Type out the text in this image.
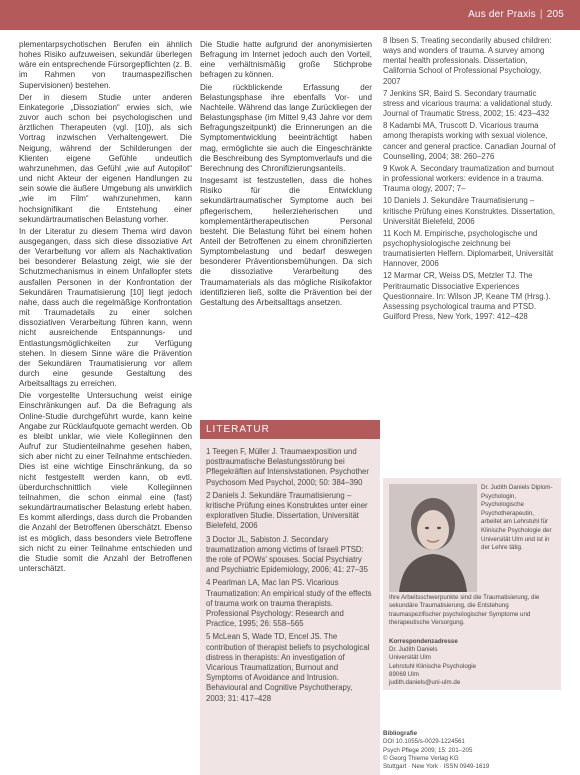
Aus der Praxis | 205

plementarpsychotischen Berufen ein ähnlich hohes Risiko aufzuweisen, sekundär überlegen wäre ein entsprechende Fürsorgepflichten (z. B. im Rahmen von traumaspezifischen Supervisionen) bestehen.

Der in diesem Studie unter anderen Einkategorie „Dissoziation“ erwies sich, wie zuvor auch schon bei psychologischen und ärztlichen Therapeuten (vgl. [10]), als sich Vortrag inzwischen Verhaltengewert. Die Neigung, während der Schilderungen der Klienten eigene Gefühle undeutlich wahrzunehmen, das Gefühl „wie auf Autopilot“ und nicht Akteur der eigenen Handlungen zu sein sowie die äußere Umgebung als unwirklich „wie im Film“ wahrzunehmen, kann hochsignifikant die Entstehung einer sekundärtraumatischen Belastung vorher.

In der Literatur zu diesem Thema wird davon ausgegangen, dass sich diese dissoziative Art der Verarbeitung vor allem als Nachaktivation bei besonderer Belastung zeigt, wie sie der Schutzmechanismus in einem Unfallopfer stets ausfallen Personen in der Konfrontation der Sekundären Traumatisierung [10] liegt jedoch nahe, dass auch die regelmäßige Konfrontation mit Traumadetails zu einer solchen dissoziativen Verarbeitung führen kann, wenn nicht ausreichende Entspannungs- und Entlastungsmöglichkeiten zur Verfügung stehen. In diesem Sinne wäre die Prävention der Sekundären Traumatisierung vor allem durch eine gesunde Gestaltung des Arbeitsalltags zu erreichen.

Die vorgestellte Untersuchung weist einige Einschränkungen auf. Da die Befragung als Online-Studie durchgeführt wurde, kann keine Angabe zur Rücklaufquote gemacht werden. Ob es bleibt unklar, wie viele Kollegiinnen den Aufruf zur Studienteilnahme gesehen haben, sich aber nicht zu einer Teilnahme entschieden. Dies ist eine wichtige Einschränkung, da so nicht festgestellt werden kann, ob evtl. überdurchschnittlich viele Kollegiinnen teilnahmen, die schon einmal eine (fast) sekundärtraumatischer Belastung erlebt haben. Es kommt allerdings, dass durch die Probanden die Anzahl der Betroffenen überschätzt. Ebenso ist es möglich, dass besonders viele Betroffene sich nicht zu einer Teilnahme entschieden und die Studie somit die Anzahl der Betroffenen unterschätzt.

Die Studie hatte aufgrund der anonymisierten Befragung im Internet jedoch auch den Vorteil, eine verhältnismäßig große Stichprobe befragen zu können.

Die rückblickende Erfassung der Belastungsphase ihre ebenfalls Vor- und Nachteile. Während das lange Zurückliegen der Belastungsphase (im Mittel 9,43 Jahre vor dem Befragungszeitpunkt) die Erinnerungen an die Symptomentwicklung beeinträchtigt haben mag, ermöglichte sie auch die Eingeschränkte die Beschreibung des Symptomverlaufs und die Berechnung des Chronifizierungsanteils.

Insgesamt ist festzustellen, dass die hohes Risiko für die Entwicklung sekundärtraumatischer Symptome auch bei pflegerischem, heilerzieherischen und komplementärtherapeutischen Personal besteht. Die Belastung führt bei einem hohen Anteil der Betroffenen zu einem chronifizierten Symptombelastung und bedarf deswegen besonderer Präventionsbemühungen. Da sich die dissoziative Verarbeitung des Traumamaterials als das mögliche Risikofaktor identifizieren ließ, sollte die Prävention bei der Gestaltung des Arbeitsalltags ansetzen.

8 Ibsen S. Treating secondarily abused children: ways and wonders of trauma. A survey among mental health professionals. Dissertation, California School of Professional Psychology, 2007
7 Jenkins SR, Baird S. Secondary traumatic stress and vicarious trauma: a validational study. Journal of Traumatic Stress, 2002; 15: 423–432
8 Kadambi MA, Truscott D. Vicarious trauma among therapists working with sexual violence, cancer and general practice. Canadian Journal of Counselling, 2004; 38: 260–276
9 Kwok A. Secondary traumatization and burnout in professional workers: evidence in a trauma. Trauma ology, 2007; 7–
10 Daniels J. Sekundäre Traumatisierung – kritische Prüfung eines Konstruktes. Dissertation, Universität Bielefeld, 2006
11 Koch M. Empirische, psychologische und psychophysiologische zeichnung bei traumatisierten Helfern. Diplomarbeit, Universität Hannover, 2006
12 Marmar CR, Weiss DS, Metzler TJ. The Peritraumatic Dissociative Experiences Questionnaire. In: Wilson JP, Keane TM (Hrsg.). Assessing psychological trauma and PTSD. Guilford Press, New York, 1997: 412–428
LITERATUR
1 Teegen F, Müller J. Traumaexposition und posttraumatische Belastungsstörung bei Pflegekräften auf Intensivstationen. Psychother Psychosom Med Psychol, 2000; 50: 384–390
2 Daniels J. Sekundäre Traumatisierung – kritische Prüfung eines Konstruktes unter einer explorativen Studie. Dissertation, Universität Bielefeld, 2006
3 Doctor JL, Sabiston J. Secondary traumatization among victims of Israeli PTSD: the role of POWs' spouses. Social Psychiatry and Psychiatric Epidemiology, 2006; 41: 27–35
4 Pearlman LA, Mac Ian PS. Vicarious Traumatization: An empirical study of the effects of trauma work on trauma therapists. Professional Psychology: Research and Practice, 1995; 26: 558–565
5 McLean S, Wade TD, Encel JS. The contribution of therapist beliefs to psychological distress in therapists: An investigation of Vicarious Traumatization, Burnout and Symptoms of Avoidance and Intrusion. Behavioural and Cognitive Psychotherapy, 2003; 31: 417–428
Dr. Judith Daniels Diplom-Psychologin, Psychologische Psychotherapeutin, arbeitet am Lehrstuhl für Klinische Psychologie der Universität Ulm und ist in der Lehre tätig.
Ihre Arbeitsschwerpunkte sind die Traumatisierung, die sekundäre Traumatisierung, die Entstehung traumaspezifischer psychologischer Symptome und therapeutische Versorgung.
Korrespondenzadresse
Dr. Judith Daniels
Universität Ulm
Lehrstuhl Klinische Psychologie
89069 Ulm
judith.daniels@uni-ulm.de
Bibliografie
DOI 10.1055/s-0029-1224561
Psych Pflege 2009; 15: 201–205
© Georg Thieme Verlag KG
Stuttgart · New York · ISSN 0949-1619
